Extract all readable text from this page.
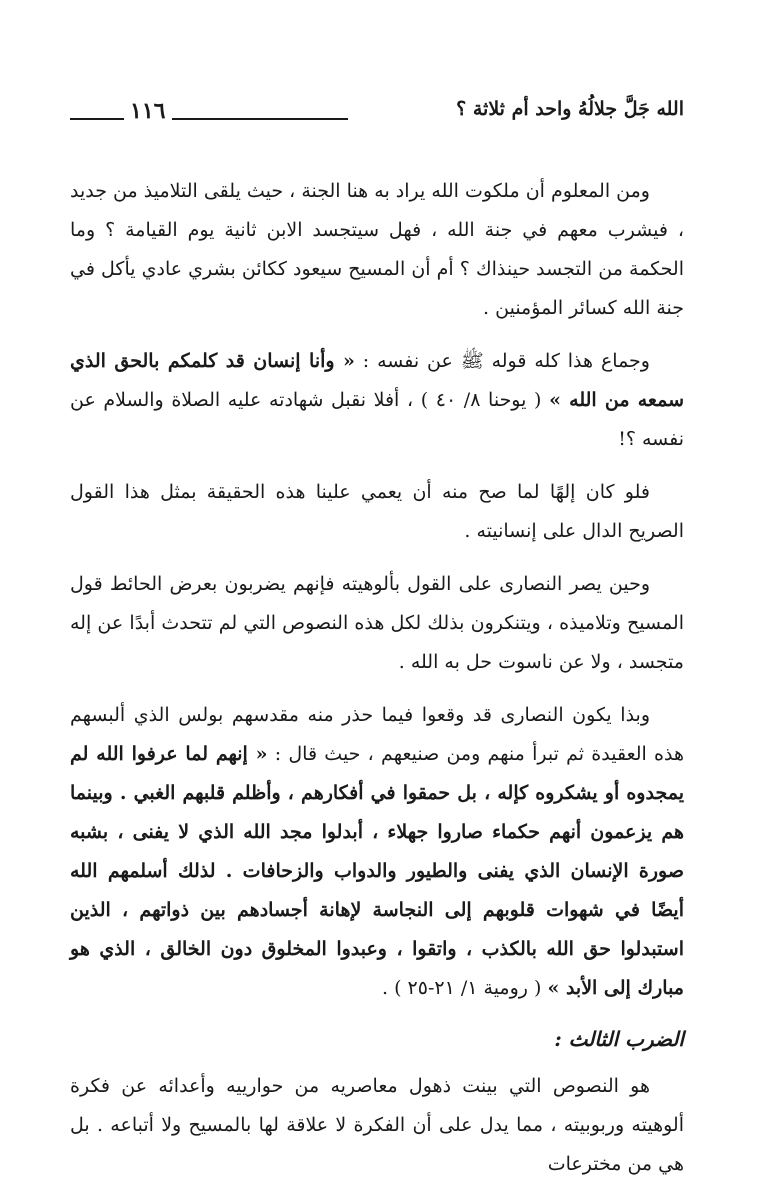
١١٦	الله جَلَّ جلالُهُ واحد أم ثلاثة ؟

ومن المعلوم أن ملكوت الله يراد به هنا الجنة ، حيث يلقى التلاميذ من جديد ، فيشرب معهم في جنة الله ، فهل سيتجسد الابن ثانية يوم القيامة ؟ وما الحكمة من التجسد حينذاك ؟ أم أن المسيح سيعود ككائن بشري عادي يأكل في جنة الله كسائر المؤمنين .

وجماع هذا كله قوله ﷺ عن نفسه : « وأنا إنسان قد كلمكم بالحق الذي سمعه من الله » ( يوحنا ٨/ ٤٠ ) ، أفلا نقبل شهادته عليه الصلاة والسلام عن نفسه ؟!

فلو كان إلهًا لما صح منه أن يعمي علينا هذه الحقيقة بمثل هذا القول الصريح الدال على إنسانيته .

وحين يصر النصارى على القول بألوهيته فإنهم يضربون بعرض الحائط قول المسيح وتلاميذه ، ويتنكرون بذلك لكل هذه النصوص التي لم تتحدث أبدًا عن إله متجسد ، ولا عن ناسوت حل به الله .

وبذا يكون النصارى قد وقعوا فيما حذر منه مقدسهم بولس الذي ألبسهم هذه العقيدة ثم تبرأ منهم ومن صنيعهم ، حيث قال : « إنهم لما عرفوا الله لم يمجدوه أو يشكروه كإله ، بل حمقوا في أفكارهم ، وأظلم قلبهم الغبي . وبينما هم يزعمون أنهم حكماء صاروا جهلاء ، أبدلوا مجد الله الذي لا يفنى ، بشبه صورة الإنسان الذي يفنى والطيور والدواب والزحافات . لذلك أسلمهم الله أيضًا في شهوات قلوبهم إلى النجاسة لإهانة أجسادهم بين ذواتهم ، الذين استبدلوا حق الله بالكذب ، واتقوا ، وعبدوا المخلوق دون الخالق ، الذي هو مبارك إلى الأبد » ( رومية ١/ ٢١-٢٥ ) .

الضرب الثالث :

هو النصوص التي بينت ذهول معاصريه من حوارييه وأعدائه عن فكرة ألوهيته وربوبيته ، مما يدل على أن الفكرة لا علاقة لها بالمسيح ولا أتباعه . بل هي من مخترعات
